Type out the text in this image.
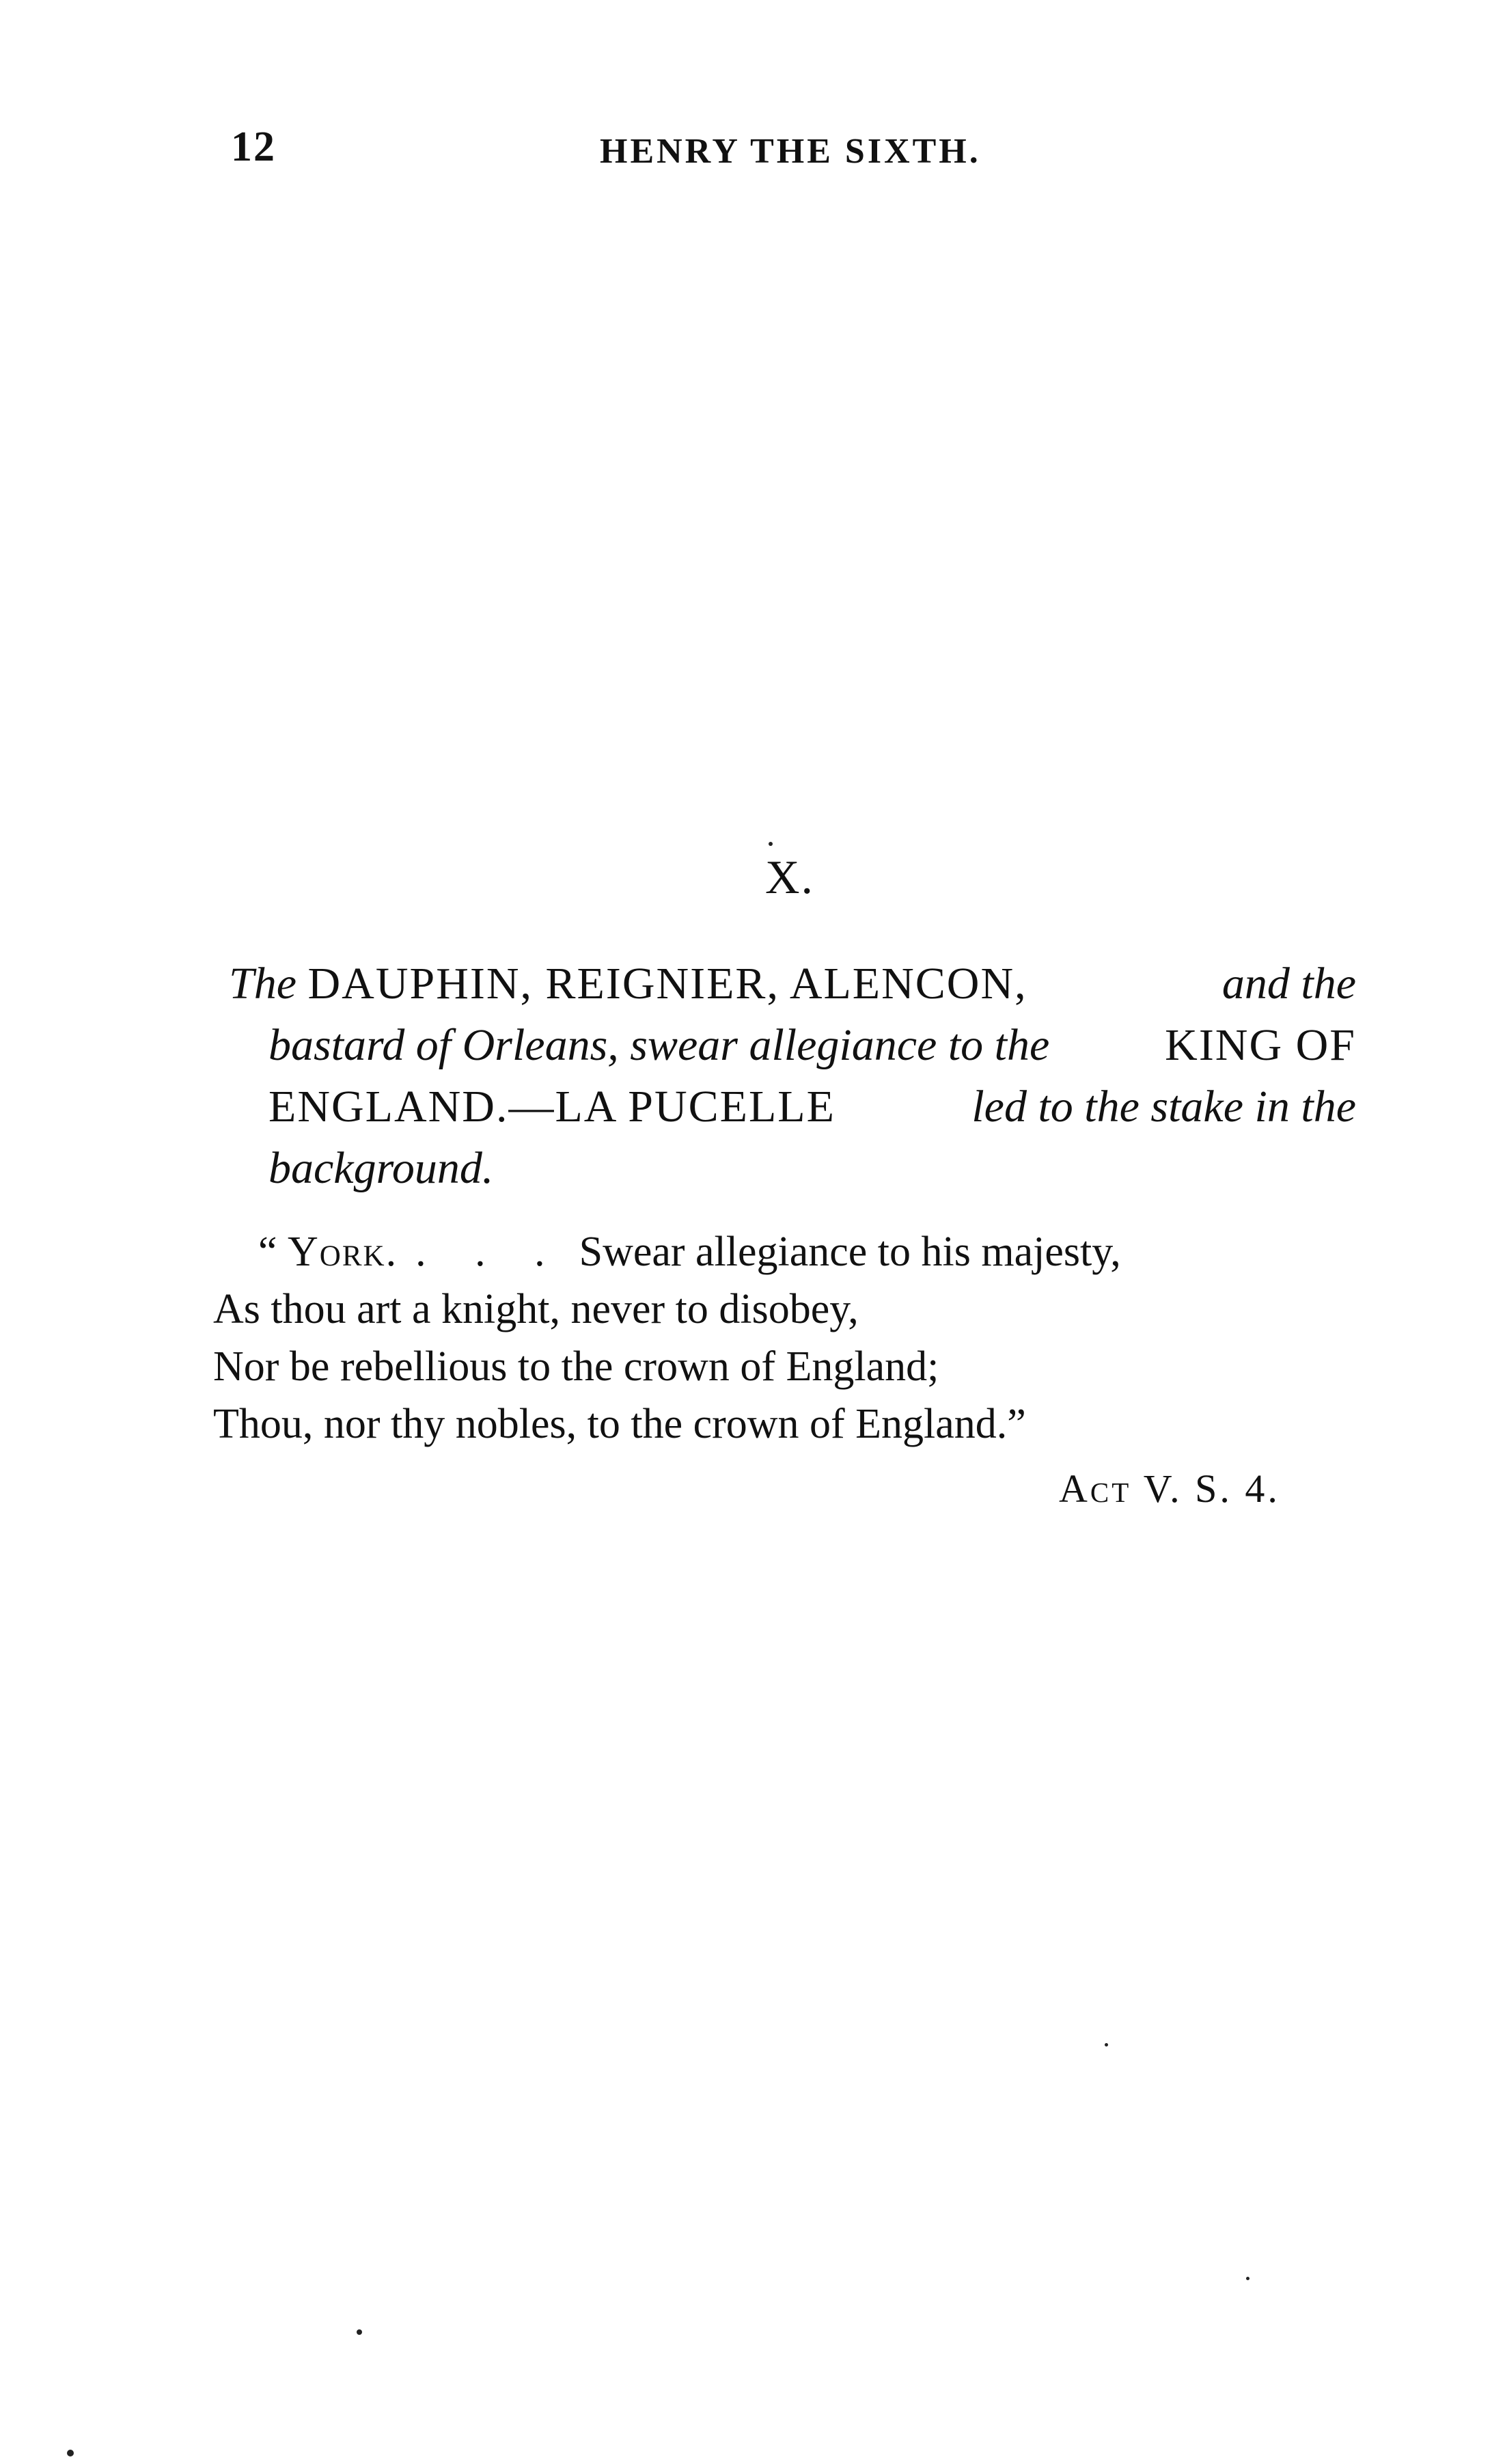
12	HENRY THE SIXTH.
X.
The DAUPHIN, REIGNIER, ALENCON,	and the
bastard of Orleans, swear allegiance to the	KING OF
ENGLAND.—LA PUCELLE	led to the stake in the
background.
“ York. . . . Swear allegiance to his majesty,
As thou art a knight, never to disobey,
Nor be rebellious to the crown of England;
Thou, nor thy nobles, to the crown of England.”
Act V. S. 4.
